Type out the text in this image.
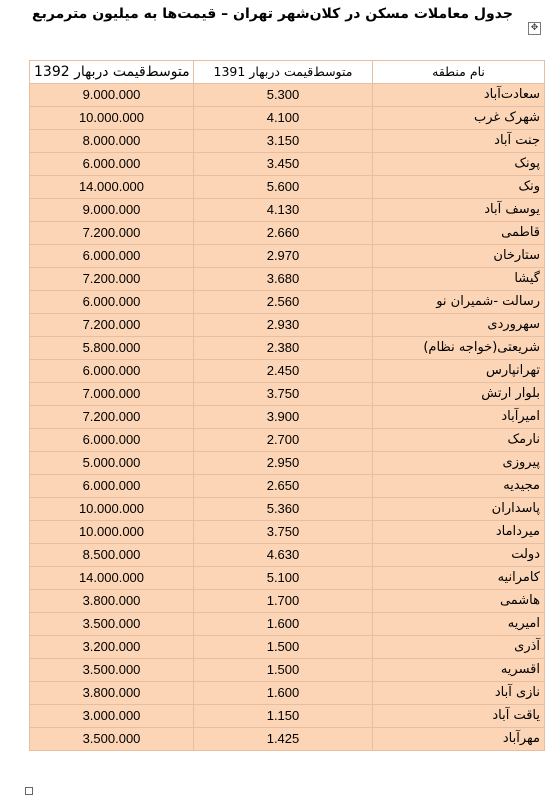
جدول معاملات مسکن در کلان‌شهر تهران – قیمت‌ها به میلیون مترمربع
✥
متوسط‌قیمت دربهار 1392	متوسط‌قیمت دربهار 1391	نام منطقه
9.000.000	5.300	سعادت‌آباد
10.000.000	4.100	شهرک غرب
8.000.000	3.150	جنت آباد
6.000.000	3.450	پونک
14.000.000	5.600	ونک
9.000.000	4.130	یوسف آباد
7.200.000	2.660	قاطمی
6.000.000	2.970	ستارخان
7.200.000	3.680	گیشا
6.000.000	2.560	رسالت -شمیران نو
7.200.000	2.930	سهروردی
5.800.000	2.380	شریعتی(خواجه نظام)
6.000.000	2.450	تهرانپارس
7.000.000	3.750	بلوار ارتش
7.200.000	3.900	امیرآباد
6.000.000	2.700	نارمک
5.000.000	2.950	پیروزی
6.000.000	2.650	مجیدیه
10.000.000	5.360	پاسداران
10.000.000	3.750	میرداماد
8.500.000	4.630	دولت
14.000.000	5.100	کامرانیه
3.800.000	1.700	هاشمی
3.500.000	1.600	امیریه
3.200.000	1.500	آذری
3.500.000	1.500	اقسریه
3.800.000	1.600	نازی آباد
3.000.000	1.150	یاقت آباد
3.500.000	1.425	مهرآباد
